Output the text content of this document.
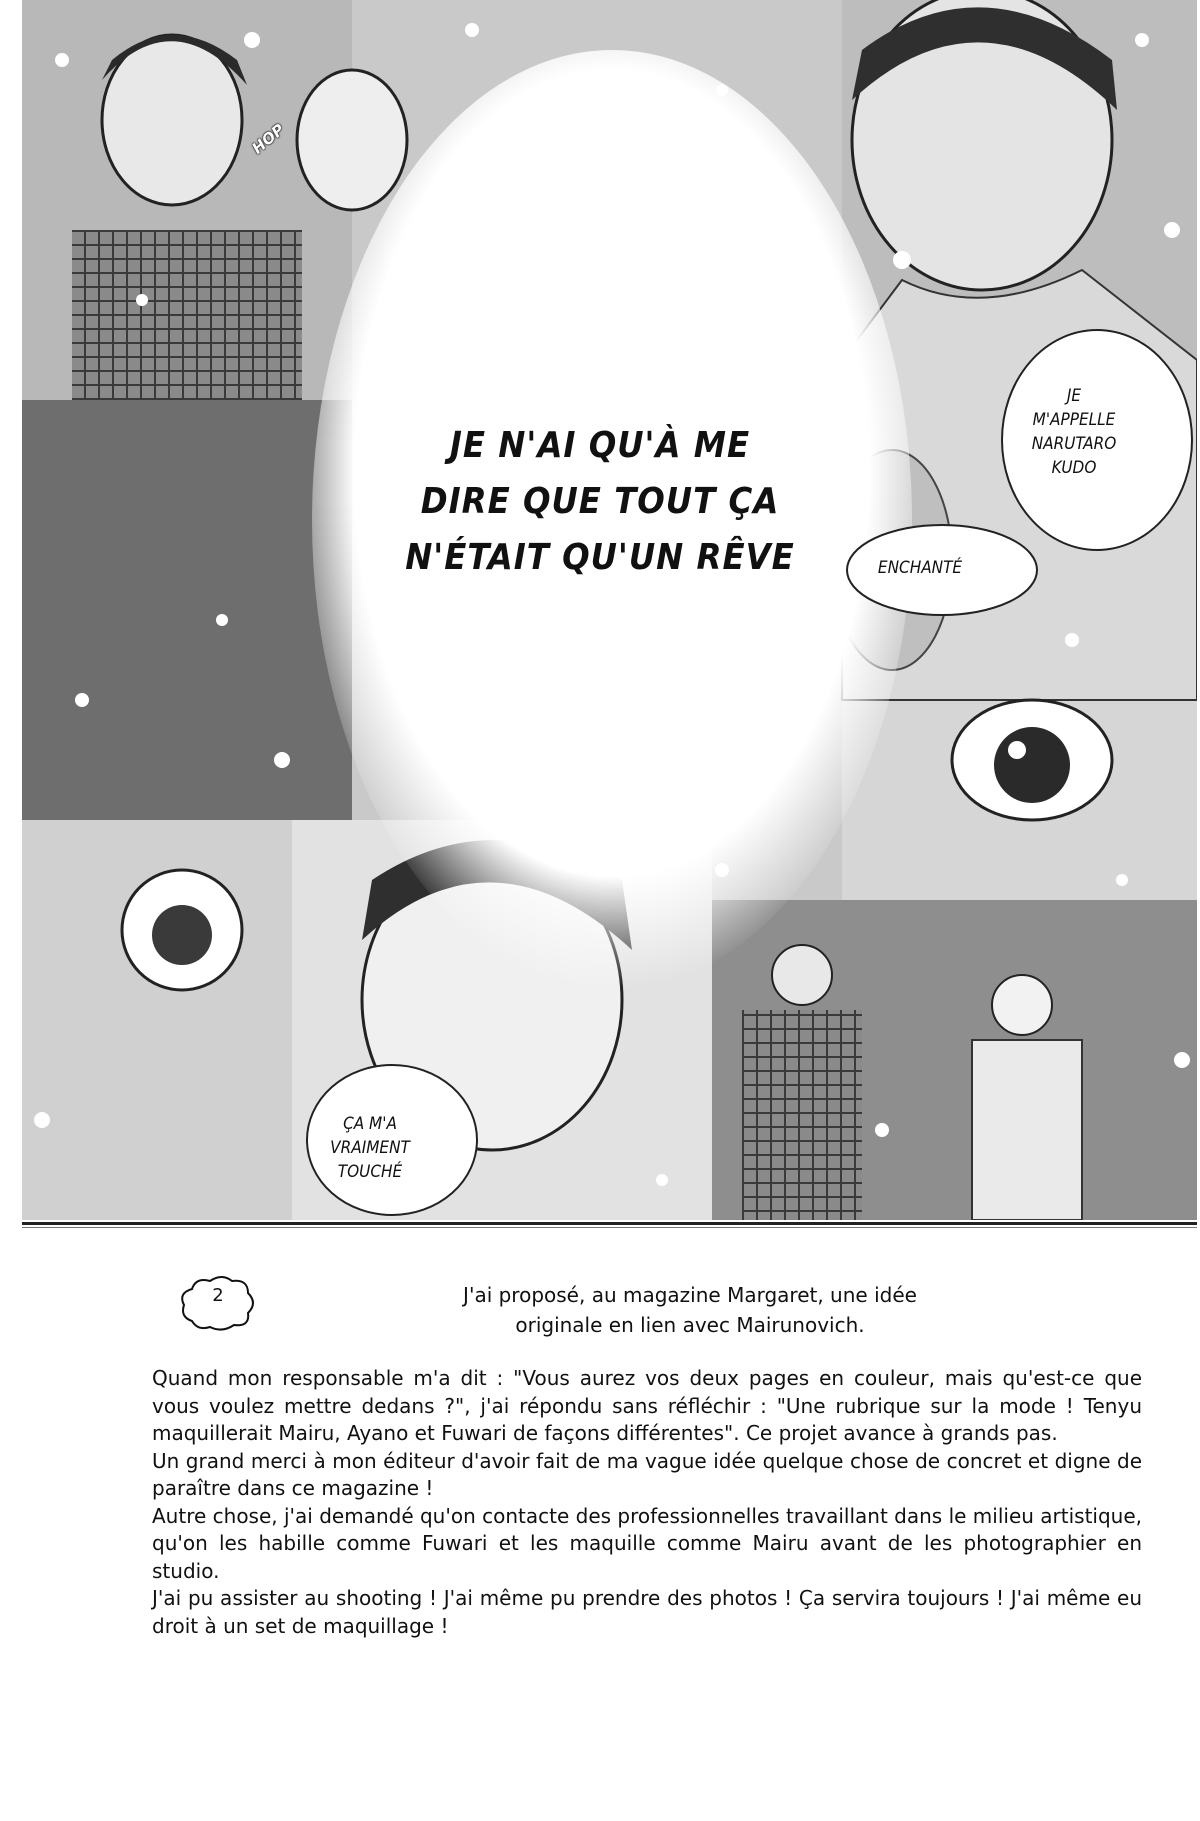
HOP
JE N'AI QU'À ME
DIRE QUE TOUT ÇA
N'ÉTAIT QU'UN RÊVE
JE
M'APPELLE
NARUTARO
KUDO
ENCHANTÉ
ÇA M'A
VRAIMENT
TOUCHÉ
2	J'ai proposé, au magazine Margaret, une idée
originale en lien avec Mairunovich.
Quand mon responsable m'a dit : "Vous aurez vos deux pages en couleur, mais qu'est-ce que vous voulez mettre dedans ?", j'ai répondu sans réfléchir : "Une rubrique sur la mode ! Tenyu maquillerait Mairu, Ayano et Fuwari de façons différentes". Ce projet avance à grands pas.
Un grand merci à mon éditeur d'avoir fait de ma vague idée quelque chose de concret et digne de paraître dans ce magazine !
Autre chose, j'ai demandé qu'on contacte des professionnelles travaillant dans le milieu artistique, qu'on les habille comme Fuwari et les maquille comme Mairu avant de les photographier en studio.
J'ai pu assister au shooting ! J'ai même pu prendre des photos ! Ça servira toujours ! J'ai même eu droit à un set de maquillage !
